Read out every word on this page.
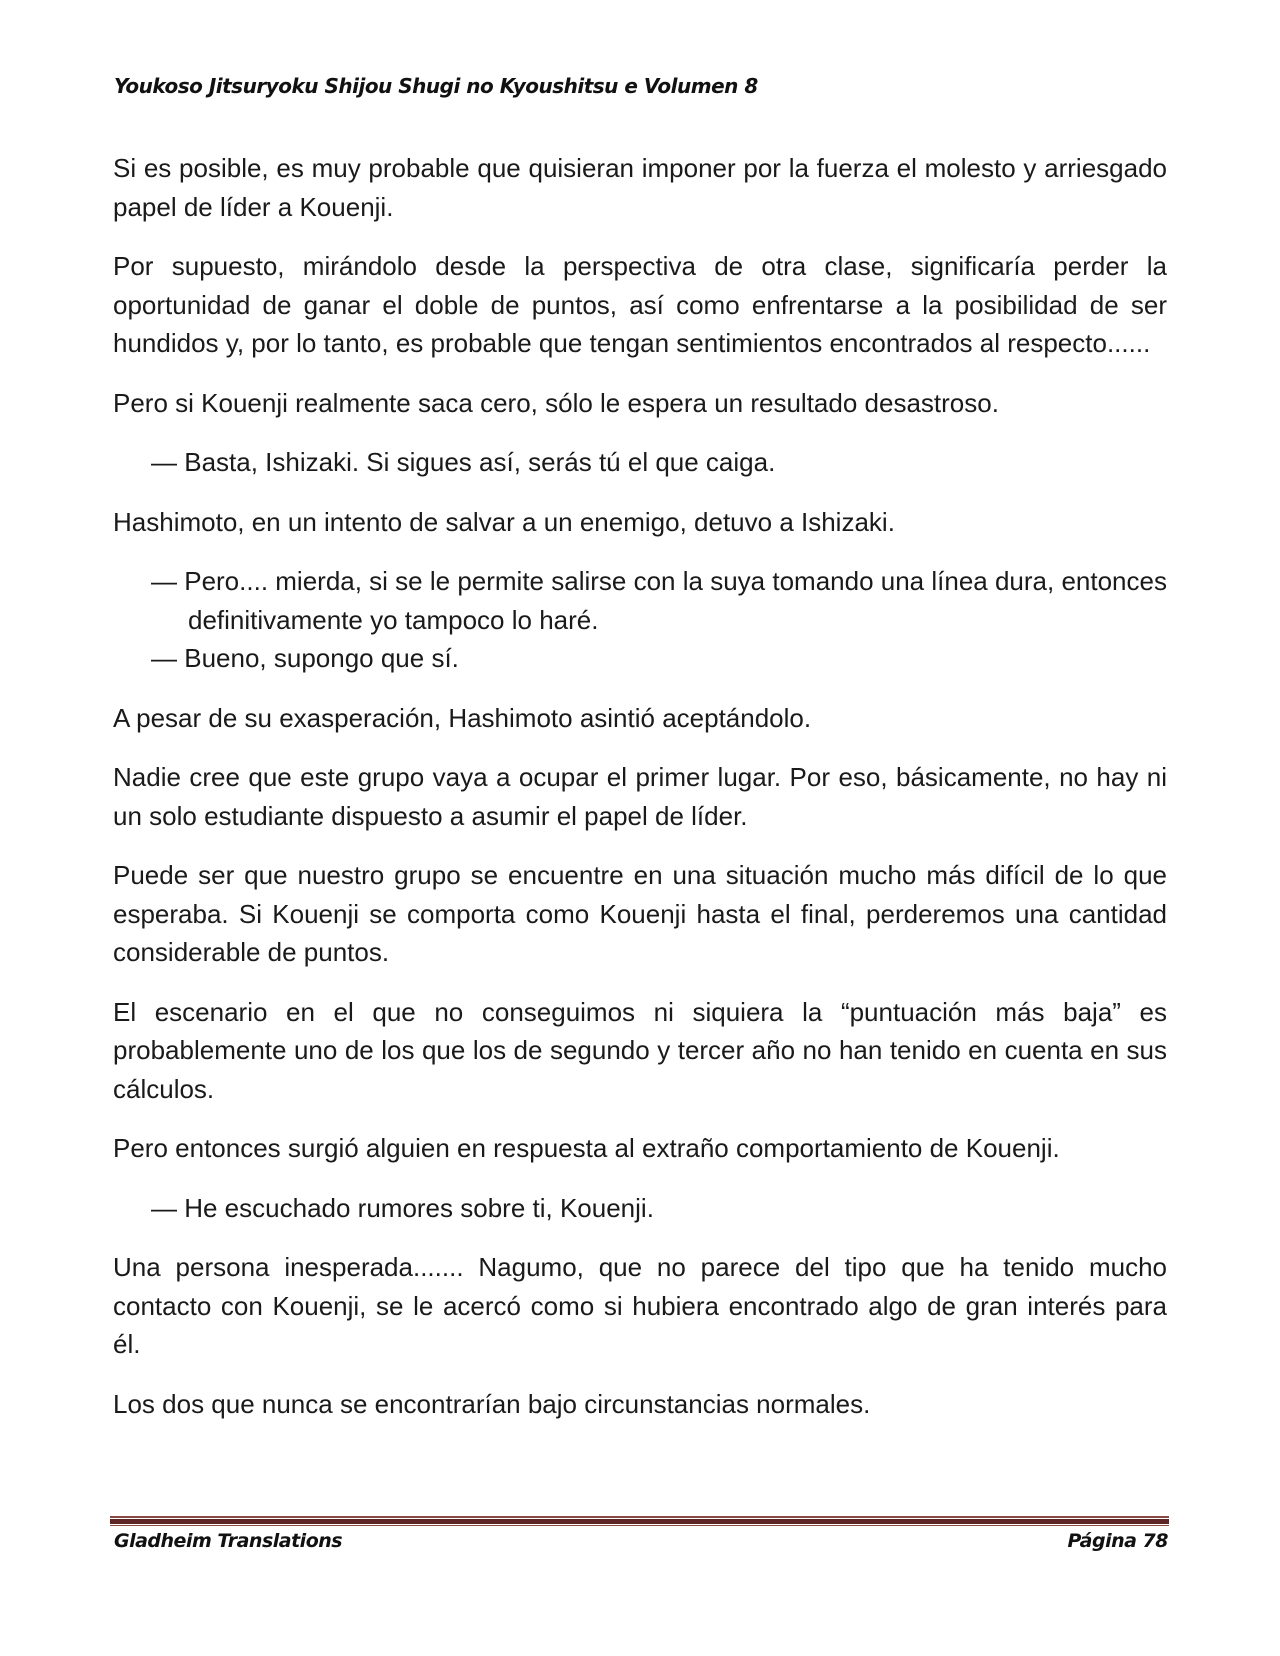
Youkoso Jitsuryoku Shijou Shugi no Kyoushitsu e Volumen 8

Si es posible, es muy probable que quisieran imponer por la fuerza el molesto y arriesgado papel de líder a Kouenji.

Por supuesto, mirándolo desde la perspectiva de otra clase, significaría perder la oportunidad de ganar el doble de puntos, así como enfrentarse a la posibilidad de ser hundidos y, por lo tanto, es probable que tengan sentimientos encontrados al respecto......

Pero si Kouenji realmente saca cero, sólo le espera un resultado desastroso.

— Basta, Ishizaki. Si sigues así, serás tú el que caiga.

Hashimoto, en un intento de salvar a un enemigo, detuvo a Ishizaki.

— Pero.... mierda, si se le permite salirse con la suya tomando una línea dura, entonces definitivamente yo tampoco lo haré.

— Bueno, supongo que sí.

A pesar de su exasperación, Hashimoto asintió aceptándolo.

Nadie cree que este grupo vaya a ocupar el primer lugar. Por eso, básicamente, no hay ni un solo estudiante dispuesto a asumir el papel de líder.

Puede ser que nuestro grupo se encuentre en una situación mucho más difícil de lo que esperaba. Si Kouenji se comporta como Kouenji hasta el final, perderemos una cantidad considerable de puntos.

El escenario en el que no conseguimos ni siquiera la “puntuación más baja” es probablemente uno de los que los de segundo y tercer año no han tenido en cuenta en sus cálculos.

Pero entonces surgió alguien en respuesta al extraño comportamiento de Kouenji.

— He escuchado rumores sobre ti, Kouenji.

Una persona inesperada....... Nagumo, que no parece del tipo que ha tenido mucho contacto con Kouenji, se le acercó como si hubiera encontrado algo de gran interés para él.

Los dos que nunca se encontrarían bajo circunstancias normales.

Gladheim Translations	Página 78
